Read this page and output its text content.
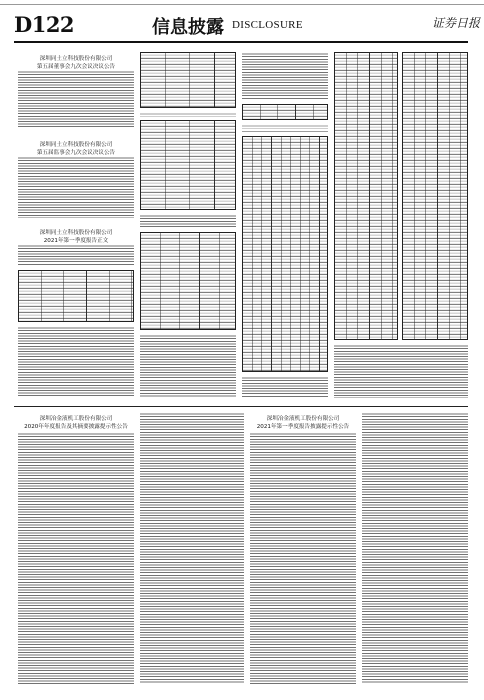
D122	信息披露 DISCLOSURE	证券日报
深圳同土立科技股份有限公司
第五届董事会九次会议决议公告
深圳同土立科技股份有限公司
第五届监事会九次会议决议公告
深圳同土立科技股份有限公司
2021年第一季度报告正文
深圳冶金液机工股份有限公司
2020年年度报告及其摘要披露提示性公告
深圳冶金液机工股份有限公司
2021年第一季度报告披露提示性公告
